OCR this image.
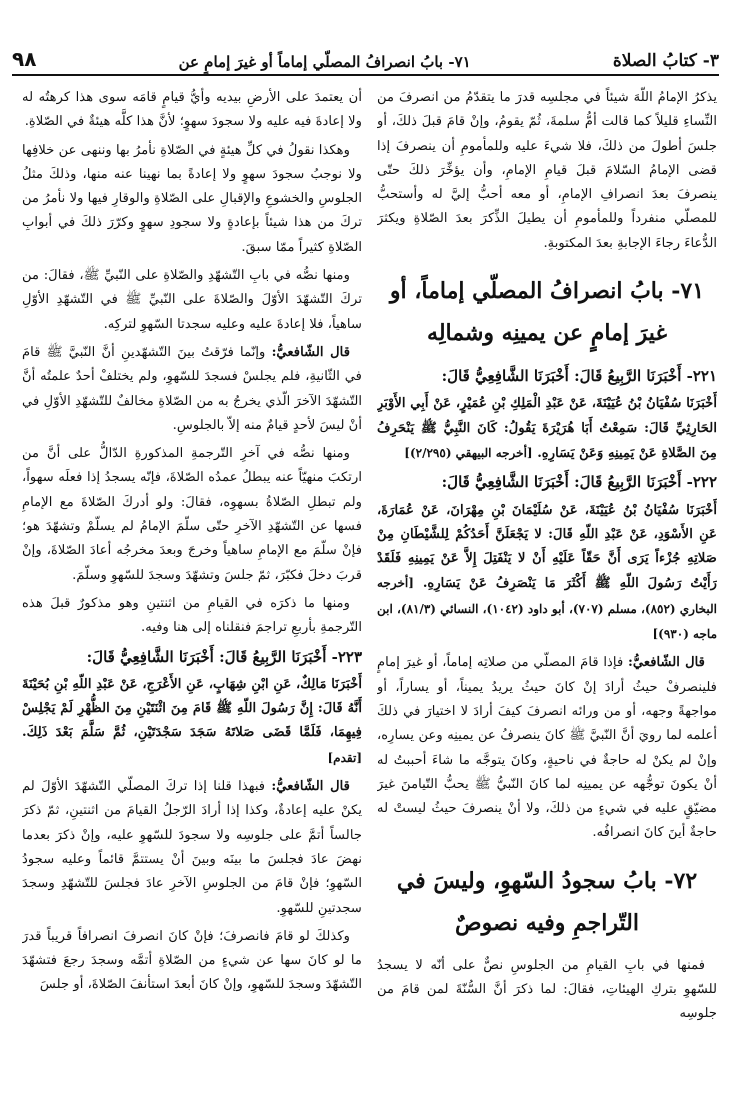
٣- كتابُ الصلاة
٧١- بابُ انصرافُ المصلّي إماماً أو غيرَ إمامٍ عن
٩٨

يذكرُ الإمامُ اللّهَ شيئاً في مجلسِه قدرَ ما يتقدّمُ من انصرفَ من النِّساءِ قليلاً كما قالت أمُّ سلمةَ، ثُمّ يقومُ، وإنْ قامَ قبلَ ذلكَ، أو جلسَ أطولَ من ذلكَ، فلا شيءَ عليه وللمأمومِ أن ينصرفَ إذا قضى الإمامُ السّلامَ قبلَ قيامِ الإمامِ، وأن يؤخِّرَ ذلكَ حتّى ينصرفَ بعدَ انصرافِ الإمامِ، أو معه أحبُّ إليَّ له وأستحبُّ للمصلّي منفرداً وللمأمومِ أن يطيلَ الذِّكرَ بعدَ الصّلاةِ ويكثرَ الدُّعاءَ رجاءَ الإجابةِ بعدَ المكتوبةِ.

٧١- بابُ انصرافُ المصلّي إماماً، أو غيرَ إمامٍ عن يمينِه وشمالِه

٢٢١- أَخْبَرَنَا الرَّبِيعُ قَالَ: أَخْبَرَنَا الشَّافِعِيُّ قَالَ:

أَخْبَرَنَا سُفْيَانُ بْنُ عُيَيْنَةَ، عَنْ عَبْدِ الْمَلِكِ بْنِ عُمَيْرٍ، عَنْ أَبِي الأَوْبَرِ الحَارِثِيِّ قَالَ: سَمِعْتُ أَبَا هُرَيْرَةَ يَقُولُ: كَانَ النَّبِيُّ ﷺ يَنْحَرِفُ مِنَ الصَّلاةِ عَنْ يَمِينِهِ وَعَنْ يَسَارِهِ. [أخرجه البيهقي (٢/٢٩٥)]

٢٢٢- أَخْبَرَنَا الرَّبِيعُ قَالَ: أَخْبَرَنَا الشَّافِعِيُّ قَالَ:

أَخْبَرَنَا سُفْيَانُ بْنُ عُيَيْنَةَ، عَنْ سُلَيْمَانَ بْنِ مِهْرَانَ، عَنْ عُمَارَةَ، عَنِ الأَسْوَدِ، عَنْ عَبْدِ اللّهِ قَالَ: لا يَجْعَلَنَّ أَحَدُكُمْ لِلشَّيْطَانِ مِنْ صَلاتِهِ جُزْءاً يَرَى أَنَّ حَقّاً عَلَيْهِ أَنْ لا يَنْفَتِلَ إِلاَّ عَنْ يَمِينِهِ فَلَقَدْ رَأَيْتُ رَسُولَ اللّهِ ﷺ أَكْثَرَ مَا يَنْصَرِفُ عَنْ يَسَارِهِ. [أخرجه البخاري (٨٥٢)، مسلم (٧٠٧)، أبو داود (١٠٤٢)، النسائي (٨١/٣)، ابن ماجه (٩٣٠)]

قال الشّافعيُّ: فإذا قامَ المصلّي من صلاتِه إماماً، أو غيرَ إمامٍ فلينصرفْ حيثُ أرادَ إنْ كانَ حيثُ يريدُ يميناً، أو يساراً، أو مواجهةً وجهه، أو من ورائه انصرفَ كيفَ أرادَ لا اختيارَ في ذلكَ أعلمه لما رويَ أنَّ النّبيَّ ﷺ كانَ ينصرفُ عن يمينِه وعن يسارِه، وإنْ لم يكنْ له حاجةٌ في ناحيةٍ، وكانَ يتوجَّه ما شاءَ أحببتُ له أنْ يكونَ توجُّهه عن يمينِه لما كانَ النّبيُّ ﷺ يحبُّ التّيامنَ غيرَ مضيّقٍ عليه في شيءٍ من ذلكَ، ولا أنْ ينصرفَ حيثُ ليستْ له حاجةٌ أينَ كانَ انصرافُه.

٧٢- بابُ سجودُ السّهوِ، وليسَ في التّراجمِ وفيه نصوصٌ

فمنها في بابِ القيامِ من الجلوسِ نصٌّ على أنّه لا يسجدُ للسّهوِ بتركِ الهيئاتِ، فقالَ: لما ذكرَ أنَّ السُّنّةَ لمن قامَ من جلوسِه

أن يعتمدَ على الأرضِ بيديه وأيُّ قيامٍ قامَه سوى هذا كرهتُه له ولا إعادةَ فيه عليه ولا سجودَ سهوٍ؛ لأنَّ هذا كلَّه هيئةٌ في الصّلاةِ.

وهكذا نقولُ في كلِّ هيئةٍ في الصّلاةِ نأمرُ بها وننهى عن خلافِها ولا نوجبُ سجودَ سهوٍ ولا إعادةً بما نهينا عنه منها، وذلكَ مثلُ الجلوسِ والخشوعِ والإقبالِ على الصّلاةِ والوقارِ فيها ولا نأمرُ من تركَ من هذا شيئاً بإعادةٍ ولا سجودِ سهوٍ وكرّرَ ذلكَ في أبوابِ الصّلاةِ كثيراً ممّا سبقَ.

ومنها نصُّه في بابِ التّشهّدِ والصّلاةِ على النّبيِّ ﷺ، فقالَ: من تركَ التّشهّدَ الأوّلَ والصّلاةَ على النّبيِّ ﷺ في التّشهّدِ الأوّلِ ساهياً، فلا إعادةَ عليه وعليه سجدتا السّهوِ لتركِه.

قال الشّافعيُّ: وإنّما فرّقتُ بينَ التّشهّدينِ أنَّ النّبيَّ ﷺ قامَ في الثّانيةِ، فلم يجلسْ فسجدَ للسّهوِ، ولم يختلفْ أحدٌ علمتُه أنَّ التّشهّدَ الآخرَ الّذي يخرجُ به من الصّلاةِ مخالفٌ للتّشهّدِ الأوّلِ في أنْ ليسَ لأحدٍ قيامٌ منه إلاّ بالجلوسِ.

ومنها نصُّه في آخرِ التّرجمةِ المذكورةِ الدّالُّ على أنَّ من ارتكبَ منهيّاً عنه يبطلُ عمدُه الصّلاةَ، فإنّه يسجدُ إذا فعلَه سهواً، ولم تبطلِ الصّلاةُ بسهوِه، فقالَ: ولو أدركَ الصّلاةَ مع الإمامِ فسها عن التّشهّدِ الآخرِ حتّى سلّمَ الإمامُ لم يسلّمْ وتشهّدَ هو؛ فإنْ سلّمَ مع الإمامِ ساهياً وخرجَ وبعدَ مخرجُه أعادَ الصّلاةَ، وإنْ قربَ دخلَ فكبّرَ، ثمّ جلسَ وتشهّدَ وسجدَ للسّهوِ وسلّمَ.

ومنها ما ذكرَه في القيامِ من اثنتينِ وهو مذكورٌ قبلَ هذه التّرجمةِ بأربعِ تراجمَ فنقلناه إلى هنا وفيه.

٢٢٣- أَخْبَرَنَا الرَّبِيعُ قَالَ: أَخْبَرَنَا الشَّافِعِيُّ قَالَ:

أَخْبَرَنَا مَالِكٌ، عَنِ ابْنِ شِهَابٍ، عَنِ الأَعْرَجِ، عَنْ عَبْدِ اللّهِ بْنِ بُحَيْنَةَ أَنَّهُ قَالَ: إِنَّ رَسُولَ اللّهِ ﷺ قَامَ مِنَ اثْنَتَيْنِ مِنَ الظُّهْرِ لَمْ يَجْلِسْ فِيهِمَا، فَلَمَّا قَضَى صَلاتَهُ سَجَدَ سَجْدَتَيْنِ، ثُمَّ سَلَّمَ بَعْدَ ذَلِكَ. [تقدم]

قال الشّافعيُّ: فبهذا قلنا إذا تركَ المصلّي التّشهّدَ الأوّلَ لم يكنْ عليه إعادةٌ، وكذا إذا أرادَ الرّجلُ القيامَ من اثنتينِ، ثمّ ذكرَ جالساً أتمَّ على جلوسِه ولا سجودَ للسّهوِ عليه، وإنْ ذكرَ بعدما نهضَ عادَ فجلسَ ما بينَه وبينَ أنْ يستتمَّ قائماً وعليه سجودُ السّهوِ؛ فإنْ قامَ من الجلوسِ الآخرِ عادَ فجلسَ للتّشهّدِ وسجدَ سجدتينِ للسّهوِ.

وكذلكَ لو قامَ فانصرفَ؛ فإنْ كانَ انصرفَ انصرافاً قريباً قدرَ ما لو كانَ سها عن شيءٍ من الصّلاةِ أتمَّه وسجدَ رجعَ فتشهّدَ التّشهّدَ وسجدَ للسّهوِ، وإنْ كانَ أبعدَ استأنفَ الصّلاةَ، أو جلسَ
